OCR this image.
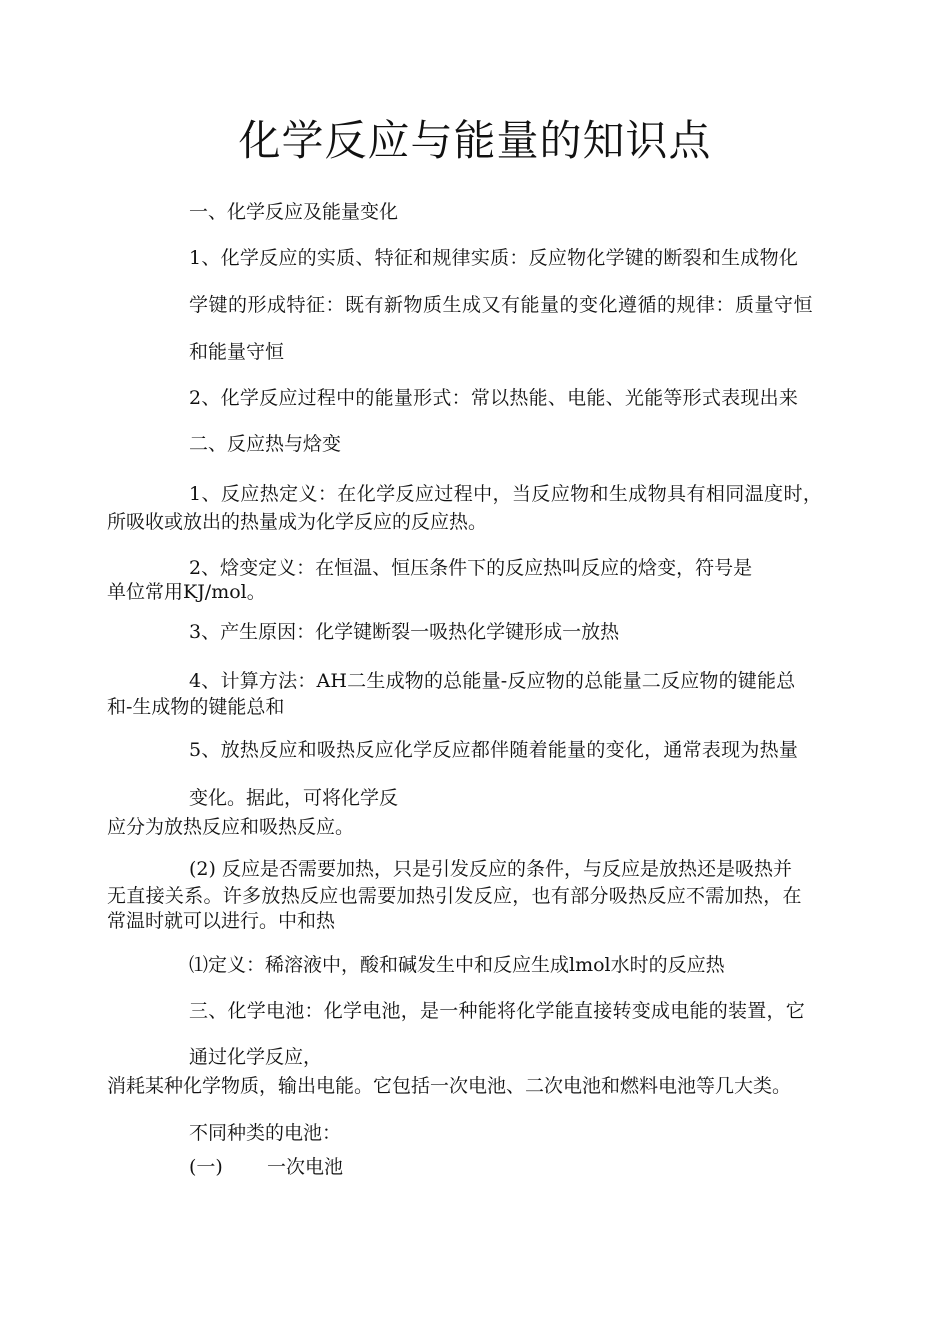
化学反应与能量的知识点

一、化学反应及能量变化

1、化学反应的实质、特征和规律实质：反应物化学键的断裂和生成物化

学键的形成特征：既有新物质生成又有能量的变化遵循的规律：质量守恒

和能量守恒

2、化学反应过程中的能量形式：常以热能、电能、光能等形式表现出来

二、反应热与焓变

1、反应热定义：在化学反应过程中，当反应物和生成物具有相同温度时，

所吸收或放出的热量成为化学反应的反应热。

2、焓变定义：在恒温、恒压条件下的反应热叫反应的焓变，符号是

单位常用KJ/mol。

3、产生原因：化学键断裂一吸热化学键形成一放热

4、计算方法：AH二生成物的总能量-反应物的总能量二反应物的键能总

和-生成物的键能总和

5、放热反应和吸热反应化学反应都伴随着能量的变化，通常表现为热量

变化。据此，可将化学反

应分为放热反应和吸热反应。

(2) 反应是否需要加热，只是引发反应的条件，与反应是放热还是吸热并

无直接关系。许多放热反应也需要加热引发反应，也有部分吸热反应不需加热，在

常温时就可以进行。中和热

⑴定义：稀溶液中，酸和碱发生中和反应生成lmol水时的反应热

三、化学电池：化学电池，是一种能将化学能直接转变成电能的装置，它

通过化学反应，

消耗某种化学物质，输出电能。它包括一次电池、二次电池和燃料电池等几大类。

不同种类的电池：

(一) 一次电池
